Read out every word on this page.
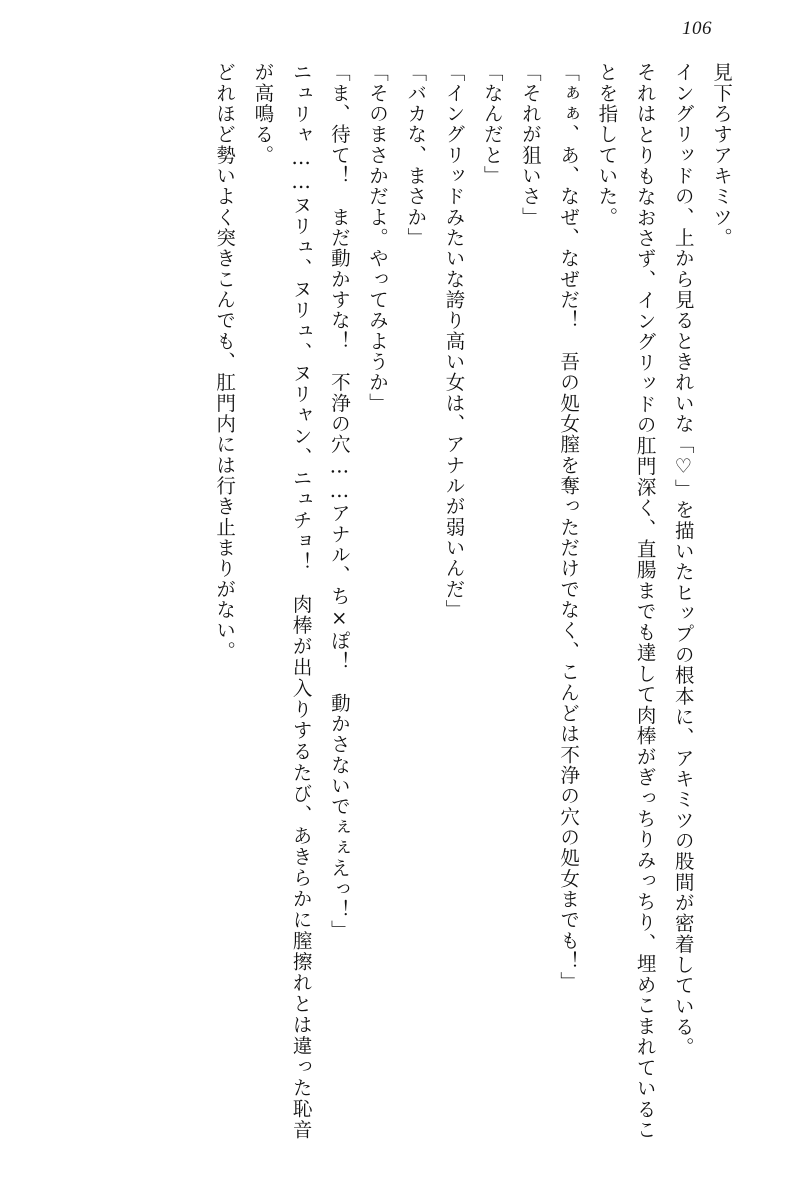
106

見下ろすアキミツ。

イングリッドの、上から見るときれいな「♡」を描いたヒップの根本に、アキミツの股間が密着している。

それはとりもなおさず、イングリッドの肛門深く、直腸までも達して肉棒がぎっちりみっちり、埋めこまれていることを指していた。

「ぁぁ、あ、なぜ、なぜだ！　吾の処女膣を奪っただけでなく、こんどは不浄の穴の処女までも！」

「それが狙いさ」

「なんだと」

「イングリッドみたいな誇り高い女は、アナルが弱いんだ」

「バカな、まさか」

「そのまさかだよ。やってみようか」

「ま、待て！　まだ動かすな！　不浄の穴……アナル、ち×ぽ！　動かさないでぇぇえっ！」

ニュリャ……ヌリュ、ヌリュ、ヌリャン、ニュチョ！　肉棒が出入りするたび、あきらかに膣擦れとは違った恥音が高鳴る。

どれほど勢いよく突きこんでも、肛門内には行き止まりがない。
